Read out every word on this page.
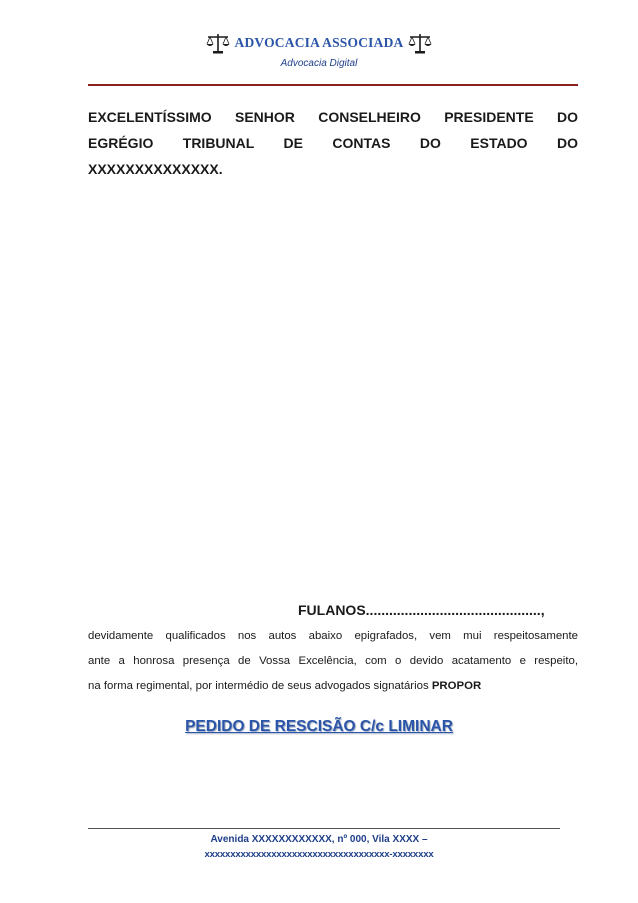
ADVOCACIA ASSOCIADA
Advocacia Digital
EXCELENTÍSSIMO SENHOR CONSELHEIRO PRESIDENTE DO
EGRÉGIO TRIBUNAL DE CONTAS DO ESTADO DO
XXXXXXXXXXXXXX.
FULANOS.............................................,
devidamente qualificados nos autos abaixo epigrafados, vem mui respeitosamente
ante a honrosa presença de Vossa Excelência, com o devido acatamento e respeito,
na forma regimental, por intermédio de seus advogados signatários PROPOR
PEDIDO DE RESCISÃO C/c LIMINAR
Avenida XXXXXXXXXXXX, nº 000, Vila XXXX –
xxxxxxxxxxxxxxxxxxxxxxxxxxxxxxxxxxxx-xxxxxxxx
